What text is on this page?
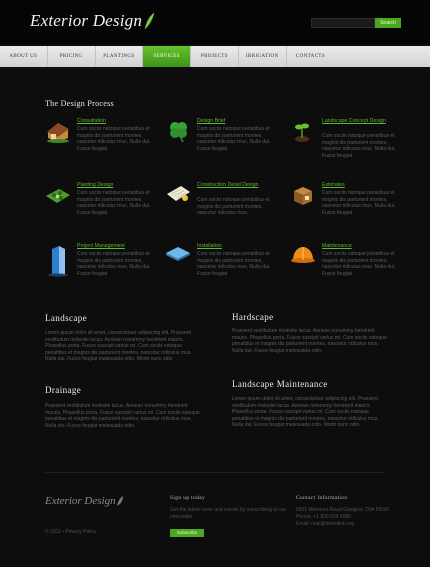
Exterior Design	Search
ABOUT US	PRICING	PLANTINGS	SERVICES	PROJECTS	IRRIGATION	CONTACTS
The Design Process
Consultation
Cum sociis natoque penatibus et magnis dis parturient montes, nascetur ridiculus mus. Nulla dui. Fusce feugiat
Design Brief
Cum sociis natoque penatibus et magnis dis parturient montes, nascetur ridiculus mus. Nulla dui. Fusce feugiat
Landscape Concept Design
Cum sociis natoque penatibus et magnis dis parturient montes, nascetur ridiculus mus. Nulla dui. Fusce feugiat
Planting Design
Cum sociis natoque penatibus et magnis dis parturient montes, nascetur ridiculus mus. Nulla dui. Fusce feugiat
Construction Detail Design
Cum sociis natoque penatibus et magnis dis parturient montes, nascetur ridiculus mus.
Estimates
Cum sociis natoque penatibus et magnis dis parturient montes, nascetur ridiculus mus. Nulla dui. Fusce feugiat
Project Management
Cum sociis natoque penatibus et magnis dis parturient montes, nascetur ridiculus mus. Nulla dui. Fusce feugiat
Installation
Cum sociis natoque penatibus et magnis dis parturient montes, nascetur ridiculus mus. Nulla dui. Fusce feugiat
Maintenance
Cum sociis natoque penatibus et magnis dis parturient montes, nascetur ridiculus mus. Nulla dui. Fusce feugiat
Landscape
Lorem ipsum dolor sit amet, consectetuer adipiscing elit. Praesent vestibulum molestie lacus. Aenean nonummy hendrerit mauris. Phasellus porta. Fusce suscipit varius mi. Cum sociis natoque penatibus et magnis dis parturient montes, nascetur ridiculus mus. Nulla dui. Fusce feugiat malesuada odio. Morbi nunc odio
Hardscape
Praesent vestibulum molestie lacus. Aenean nonummy hendrerit mauris. Phasellus porta. Fusce suscipit varius mi. Cum sociis natoque penatibus et magnis dis parturient montes, nascetur ridiculus mus. Nulla dui. Fusce feugiat malesuada odio.
Drainage
Praesent vestibulum molestie lacus. Aenean nonummy hendrerit mauris. Phasellus porta. Fusce suscipit varius mi. Cum sociis natoque penatibus et magnis dis parturient montes, nascetur ridiculus mus. Nulla dui. Fusce feugiat malesuada odio.
Landscape Maintenance
Lorem ipsum dolor sit amet, consectetuer adipiscing elit. Praesent vestibulum molestie lacus. Aenean nonummy hendrerit mauris. Phasellus porta. Fusce suscipit varius mi. Cum sociis natoque penatibus et magnis dis parturient montes, nascetur ridiculus mus. Nulla dui. Fusce feugiat malesuada odio. Morbi nunc odio.
Exterior Design
© 2011 • Privacy Policy
Sign up today
Get the latest news and events by subscribing to our newsletter.
Subscribe
Contact Information
8901 Marmora Road Glasgow, D04 89GR
Phone: +1 800 559 6580
Email: mail@demolink.org
